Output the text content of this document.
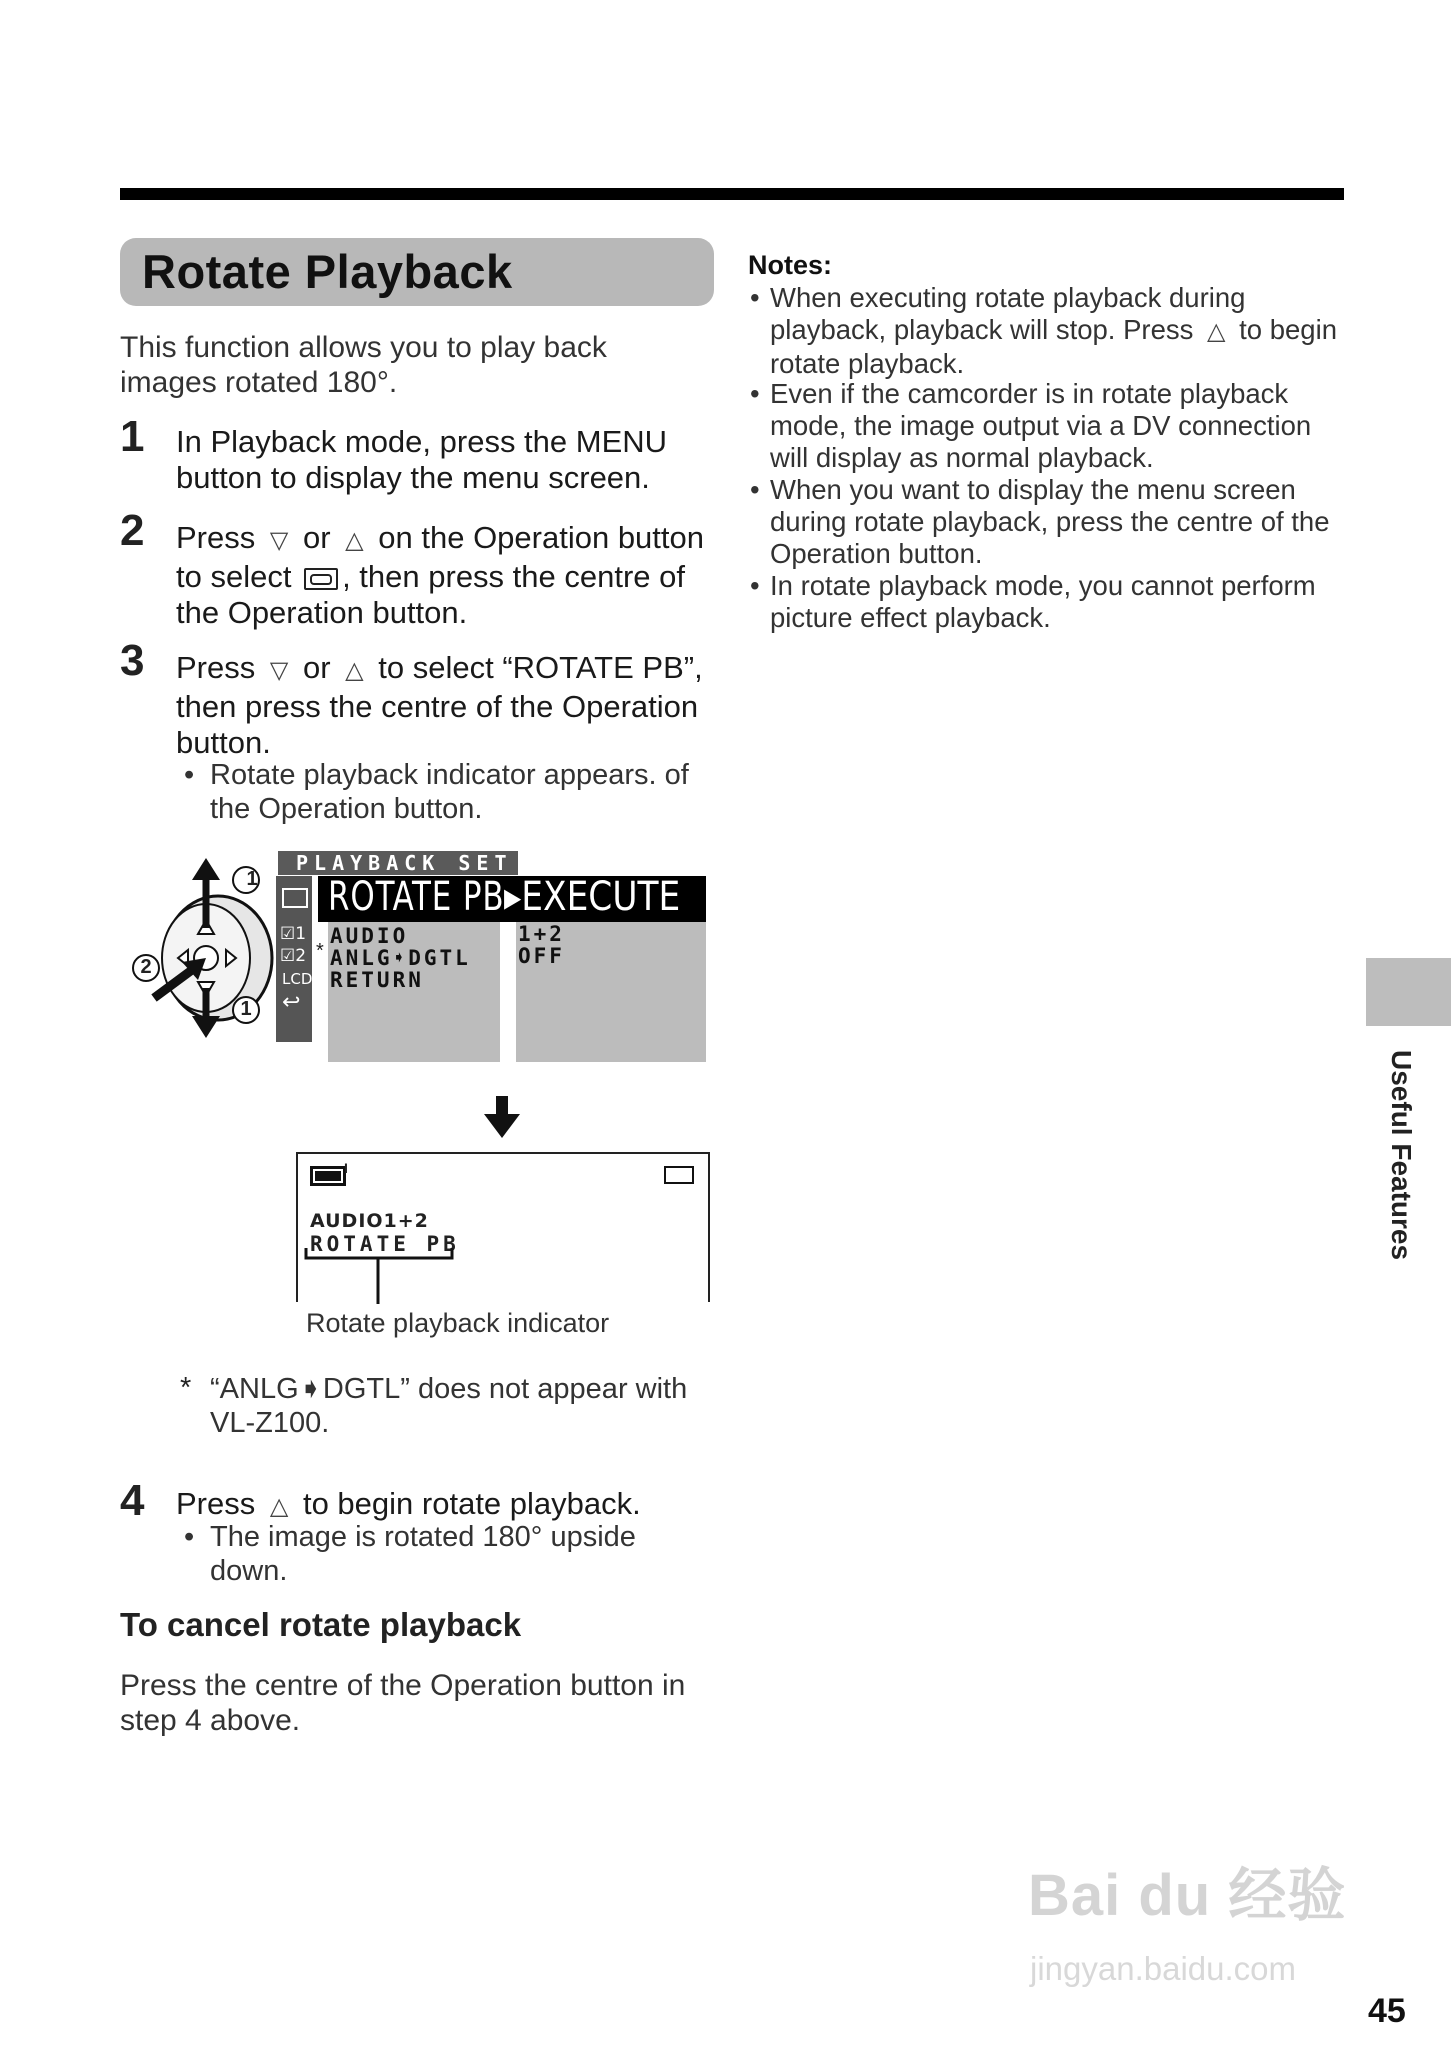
Rotate Playback
This function allows you to play back images rotated 180°.
1 In Playback mode, press the MENU button to display the menu screen.
2 Press ▽ or △ on the Operation button to select , then press the centre of the Operation button.
3 Press ▽ or △ to select “ROTATE PB”, then press the centre of the Operation button.
• Rotate playback indicator appears. of the Operation button.
1
2
1
PLAYBACK SET
☑1
☑2
LCD
↩
ROTATE PB ▸EXECUTE
AUDIO
* ANLG➧DGTL
RETURN
1+2
OFF
I
AUDIO1+2
ROTATE PB
Rotate playback indicator
* “ANLG➧DGTL” does not appear with VL-Z100.
4 Press △ to begin rotate playback.
• The image is rotated 180° upside down.
To cancel rotate playback
Press the centre of the Operation button in step 4 above.
Notes:
• When executing rotate playback during playback, playback will stop. Press △ to begin rotate playback.
• Even if the camcorder is in rotate playback mode, the image output via a DV connection will display as normal playback.
• When you want to display the menu screen during rotate playback, press the centre of the Operation button.
• In rotate playback mode, you cannot perform picture effect playback.
Useful Features
Bai du 经验
jingyan.baidu.com
45
